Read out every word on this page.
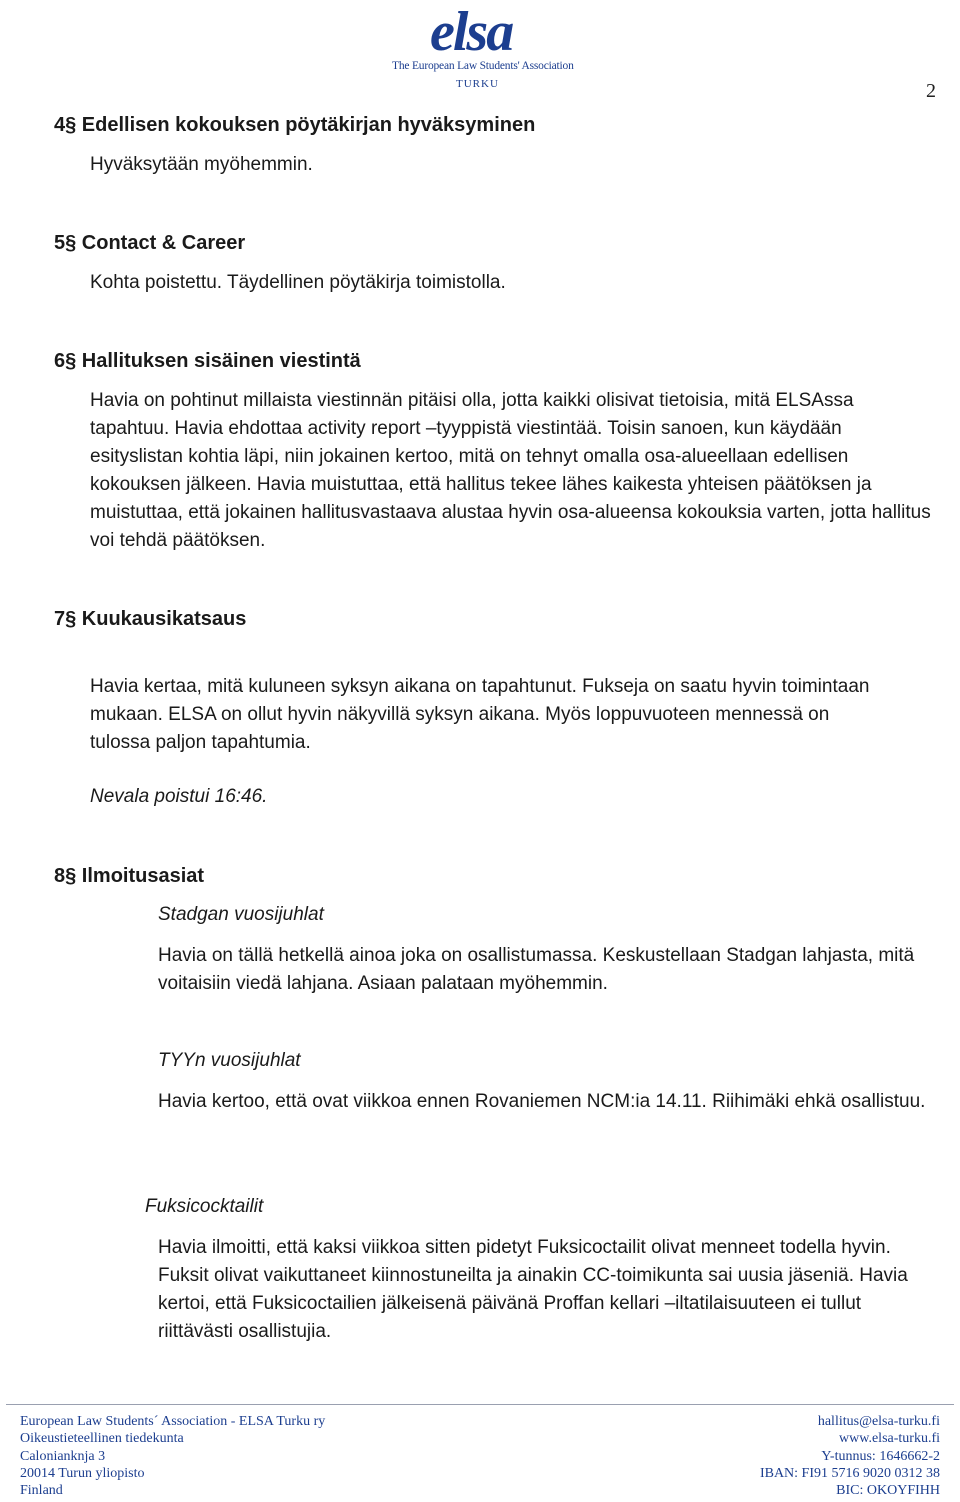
elsa
The European Law Students' Association
TURKU	2
4§ Edellisen kokouksen pöytäkirjan hyväksyminen
Hyväksytään myöhemmin.
5§ Contact & Career
Kohta poistettu. Täydellinen pöytäkirja toimistolla.
6§ Hallituksen sisäinen viestintä
Havia on pohtinut millaista viestinnän pitäisi olla, jotta kaikki olisivat tietoisia, mitä ELSAssa tapahtuu. Havia ehdottaa activity report –tyyppistä viestintää. Toisin sanoen, kun käydään esityslistan kohtia läpi, niin jokainen kertoo, mitä on tehnyt omalla osa-alueellaan edellisen kokouksen jälkeen. Havia muistuttaa, että hallitus tekee lähes kaikesta yhteisen päätöksen ja muistuttaa, että jokainen hallitusvastaava alustaa hyvin osa-alueensa kokouksia varten, jotta hallitus voi tehdä päätöksen.
7§ Kuukausikatsaus
Havia kertaa, mitä kuluneen syksyn aikana on tapahtunut. Fukseja on saatu hyvin toimintaan mukaan. ELSA on ollut hyvin näkyvillä syksyn aikana. Myös loppuvuoteen mennessä on tulossa paljon tapahtumia.
Nevala poistui 16:46.
8§ Ilmoitusasiat
Stadgan vuosijuhlat
Havia on tällä hetkellä ainoa joka on osallistumassa. Keskustellaan Stadgan lahjasta, mitä voitaisiin viedä lahjana. Asiaan palataan myöhemmin.
TYYn vuosijuhlat
Havia kertoo, että ovat viikkoa ennen Rovaniemen NCM:ia 14.11. Riihimäki ehkä osallistuu.
Fuksicocktailit
Havia ilmoitti, että kaksi viikkoa sitten pidetyt Fuksicoctailit olivat menneet todella hyvin. Fuksit olivat vaikuttaneet kiinnostuneilta ja ainakin CC-toimikunta sai uusia jäseniä. Havia kertoi, että Fuksicoctailien jälkeisenä päivänä Proffan kellari –iltatilaisuuteen ei tullut riittävästi osallistujia.
European Law Students´ Association - ELSA Turku ry
Oikeustieteellinen tiedekunta
Calonianknja 3
20014 Turun yliopisto
Finland
hallitus@elsa-turku.fi
www.elsa-turku.fi
Y-tunnus: 1646662-2
IBAN: FI91 5716 9020 0312 38
BIC: OKOYFIHH
